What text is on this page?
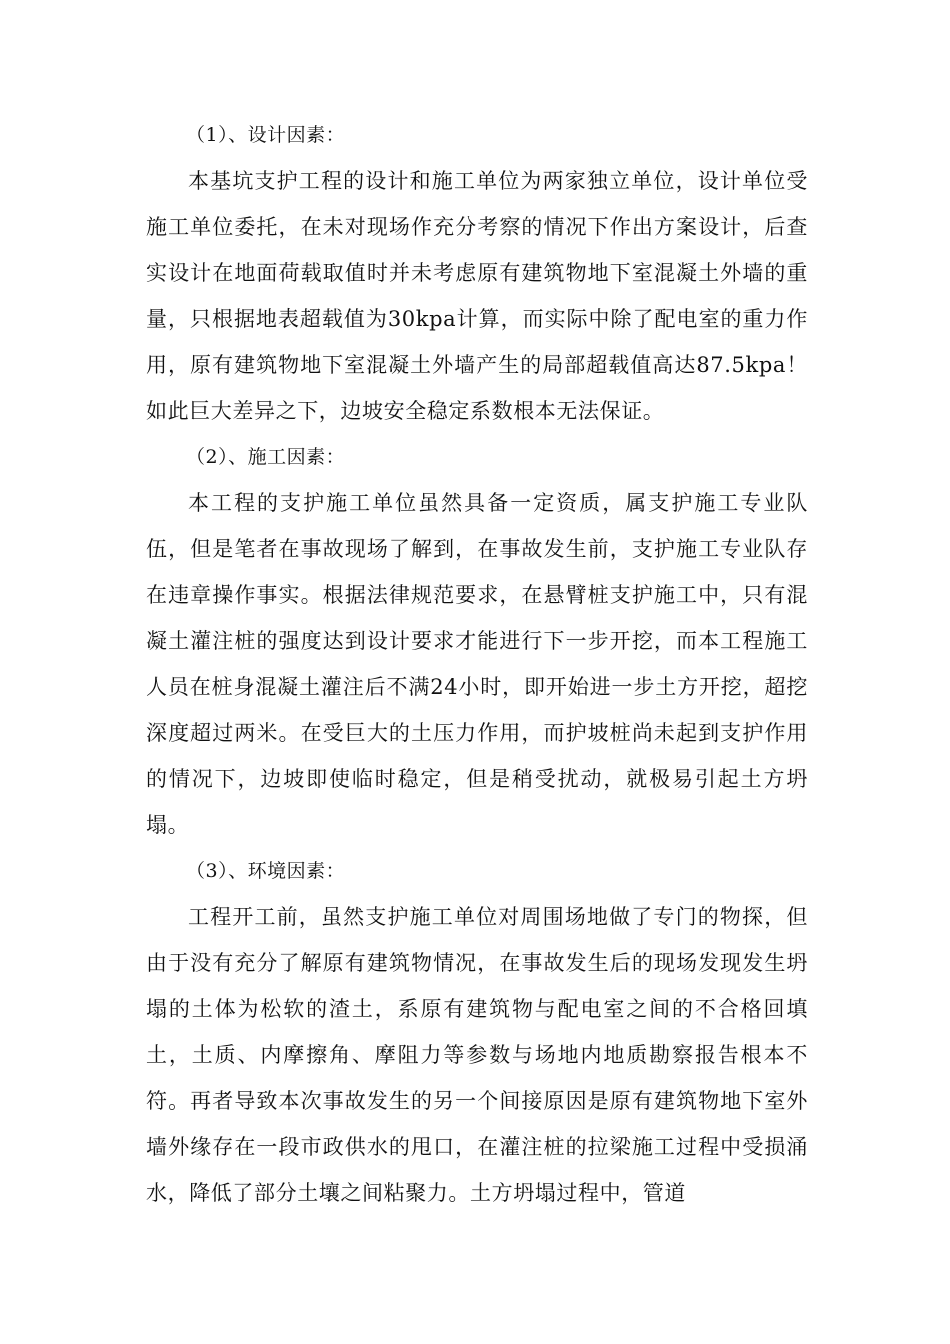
（1）、设计因素：

本基坑支护工程的设计和施工单位为两家独立单位，设计单位受施工单位委托，在未对现场作充分考察的情况下作出方案设计，后查实设计在地面荷载取值时并未考虑原有建筑物地下室混凝土外墙的重量，只根据地表超载值为30kpa计算，而实际中除了配电室的重力作用，原有建筑物地下室混凝土外墙产生的局部超载值高达87.5kpa！如此巨大差异之下，边坡安全稳定系数根本无法保证。

（2）、施工因素：

本工程的支护施工单位虽然具备一定资质，属支护施工专业队伍，但是笔者在事故现场了解到，在事故发生前，支护施工专业队存在违章操作事实。根据法律规范要求，在悬臂桩支护施工中，只有混凝土灌注桩的强度达到设计要求才能进行下一步开挖，而本工程施工人员在桩身混凝土灌注后不满24小时，即开始进一步土方开挖，超挖深度超过两米。在受巨大的土压力作用，而护坡桩尚未起到支护作用的情况下，边坡即使临时稳定，但是稍受扰动，就极易引起土方坍塌。

（3）、环境因素：

工程开工前，虽然支护施工单位对周围场地做了专门的物探，但由于没有充分了解原有建筑物情况，在事故发生后的现场发现发生坍塌的土体为松软的渣土，系原有建筑物与配电室之间的不合格回填土，土质、内摩擦角、摩阻力等参数与场地内地质勘察报告根本不符。再者导致本次事故发生的另一个间接原因是原有建筑物地下室外墙外缘存在一段市政供水的甩口，在灌注桩的拉梁施工过程中受损涌水，降低了部分土壤之间粘聚力。土方坍塌过程中，管道
